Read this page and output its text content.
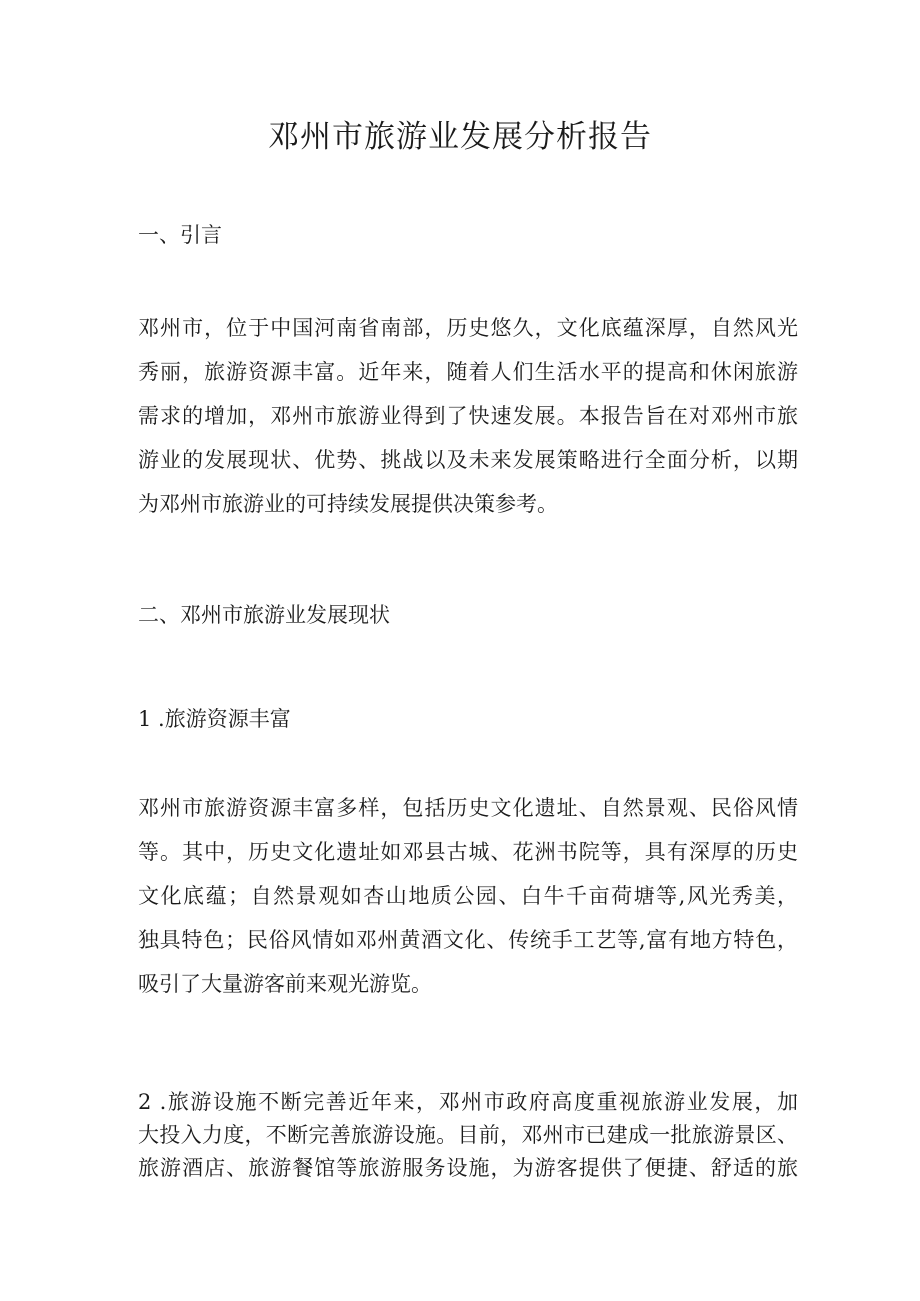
邓州市旅游业发展分析报告
一、引言
邓州市，位于中国河南省南部，历史悠久，文化底蕴深厚，自然风光
秀丽，旅游资源丰富。近年来，随着人们生活水平的提高和休闲旅游
需求的增加，邓州市旅游业得到了快速发展。本报告旨在对邓州市旅
游业的发展现状、优势、挑战以及未来发展策略进行全面分析，以期
为邓州市旅游业的可持续发展提供决策参考。
二、邓州市旅游业发展现状
1 .旅游资源丰富
邓州市旅游资源丰富多样，包括历史文化遗址、自然景观、民俗风情
等。其中，历史文化遗址如邓县古城、花洲书院等，具有深厚的历史
文化底蕴；自然景观如杏山地质公园、白牛千亩荷塘等,风光秀美，
独具特色；民俗风情如邓州黄酒文化、传统手工艺等,富有地方特色，
吸引了大量游客前来观光游览。
2 .旅游设施不断完善近年来，邓州市政府高度重视旅游业发展，加
大投入力度，不断完善旅游设施。目前，邓州市已建成一批旅游景区、
旅游酒店、旅游餐馆等旅游服务设施，为游客提供了便捷、舒适的旅
